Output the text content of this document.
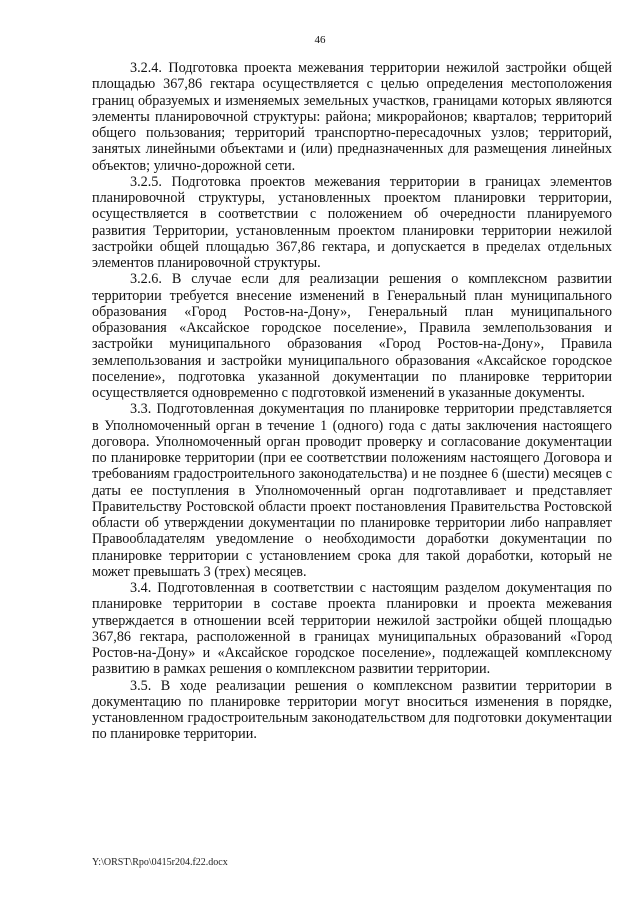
46

3.2.4. Подготовка проекта межевания территории нежилой застройки общей площадью 367,86 гектара осуществляется с целью определения местоположения границ образуемых и изменяемых земельных участков, границами которых являются элементы планировочной структуры: района; микрорайонов; кварталов; территорий общего пользования; территорий транспортно-пересадочных узлов; территорий, занятых линейными объектами и (или) предназначенных для размещения линейных объектов; улично-дорожной сети.

3.2.5. Подготовка проектов межевания территории в границах элементов планировочной структуры, установленных проектом планировки территории, осуществляется в соответствии с положением об очередности планируемого развития Территории, установленным проектом планировки территории нежилой застройки общей площадью 367,86 гектара, и допускается в пределах отдельных элементов планировочной структуры.

3.2.6. В случае если для реализации решения о комплексном развитии территории требуется внесение изменений в Генеральный план муниципального образования «Город Ростов-на-Дону», Генеральный план муниципального образования «Аксайское городское поселение», Правила землепользования и застройки муниципального образования «Город Ростов-на-Дону», Правила землепользования и застройки муниципального образования «Аксайское городское поселение», подготовка указанной документации по планировке территории осуществляется одновременно с подготовкой изменений в указанные документы.

3.3. Подготовленная документация по планировке территории представляется в Уполномоченный орган в течение 1 (одного) года с даты заключения настоящего договора. Уполномоченный орган проводит проверку и согласование документации по планировке территории (при ее соответствии положениям настоящего Договора и требованиям градостроительного законодательства) и не позднее 6 (шести) месяцев с даты ее поступления в Уполномоченный орган подготавливает и представляет Правительству Ростовской области проект постановления Правительства Ростовской области об утверждении документации по планировке территории либо направляет Правообладателям уведомление о необходимости доработки документации по планировке территории с установлением срока для такой доработки, который не может превышать 3 (трех) месяцев.

3.4. Подготовленная в соответствии с настоящим разделом документация по планировке территории в составе проекта планировки и проекта межевания утверждается в отношении всей территории нежилой застройки общей площадью 367,86 гектара, расположенной в границах муниципальных образований «Город Ростов-на-Дону» и «Аксайское городское поселение», подлежащей комплексному развитию в рамках решения о комплексном развитии территории.

3.5. В ходе реализации решения о комплексном развитии территории в документацию по планировке территории могут вноситься изменения в порядке, установленном градостроительным законодательством для подготовки документации по планировке территории.

Y:\ORST\Rpo\0415r204.f22.docx
